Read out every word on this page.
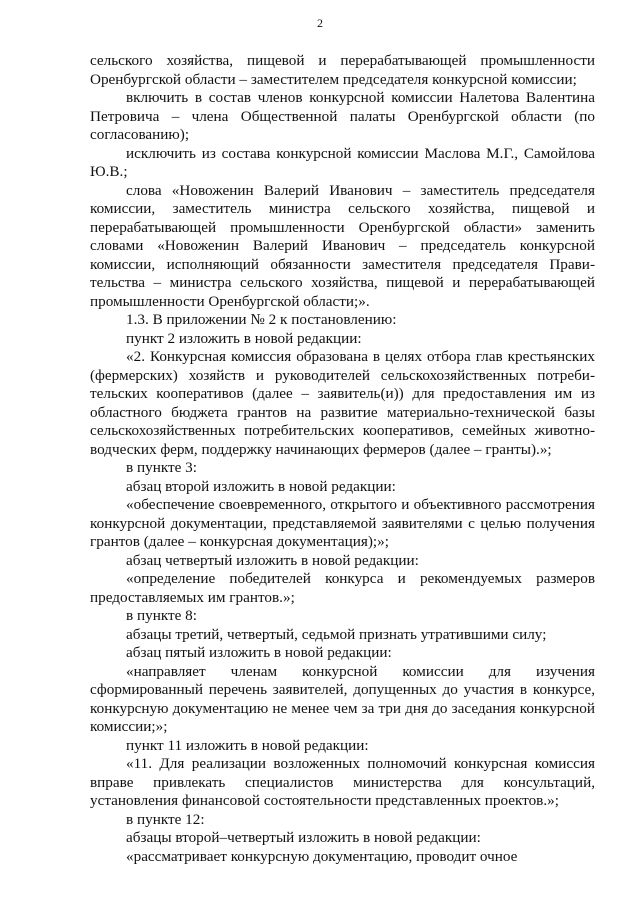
2

сельского хозяйства, пищевой и перерабатывающей промышленности Оренбургской области – заместителем председателя конкурсной комиссии;

включить в состав членов конкурсной комиссии Налетова Валентина Петровича – члена Общественной палаты Оренбургской области (по согласованию);

исключить из состава конкурсной комиссии Маслова М.Г., Самойлова Ю.В.;

слова «Новоженин Валерий Иванович – заместитель председателя комиссии, заместитель министра сельского хозяйства, пищевой и перерабатывающей промышленности Оренбургской области» заменить словами «Новоженин Валерий Иванович – председатель конкурсной комиссии, исполняющий обязанности заместителя председателя Правительства – министра сельского хозяйства, пищевой и перерабатывающей промышленности Оренбургской области;».

1.3. В приложении № 2 к постановлению:

пункт 2 изложить в новой редакции:

«2. Конкурсная комиссия образована в целях отбора глав крестьянских (фермерских) хозяйств и руководителей сельскохозяйственных потребительских кооперативов (далее – заявитель(и)) для предоставления им из областного бюджета грантов на развитие материально-технической базы сельскохозяйственных потребительских кооперативов, семейных животноводческих ферм, поддержку начинающих фермеров (далее – гранты).»;

в пункте 3:

абзац второй изложить в новой редакции:

«обеспечение своевременного, открытого и объективного рассмотрения конкурсной документации, представляемой заявителями с целью получения грантов (далее – конкурсная документация);»;

абзац четвертый изложить в новой редакции:

«определение победителей конкурса и рекомендуемых размеров предоставляемых им грантов.»;

в пункте 8:

абзацы третий, четвертый, седьмой признать утратившими силу;

абзац пятый изложить в новой редакции:

«направляет членам конкурсной комиссии для изучения сформированный перечень заявителей, допущенных до участия в конкурсе, конкурсную документацию не менее чем за три дня до заседания конкурсной комиссии;»;

пункт 11 изложить в новой редакции:

«11. Для реализации возложенных полномочий конкурсная комиссия вправе привлекать специалистов министерства для консультаций, установления финансовой состоятельности представленных проектов.»;

в пункте 12:

абзацы второй–четвертый изложить в новой редакции:

«рассматривает конкурсную документацию, проводит очное
